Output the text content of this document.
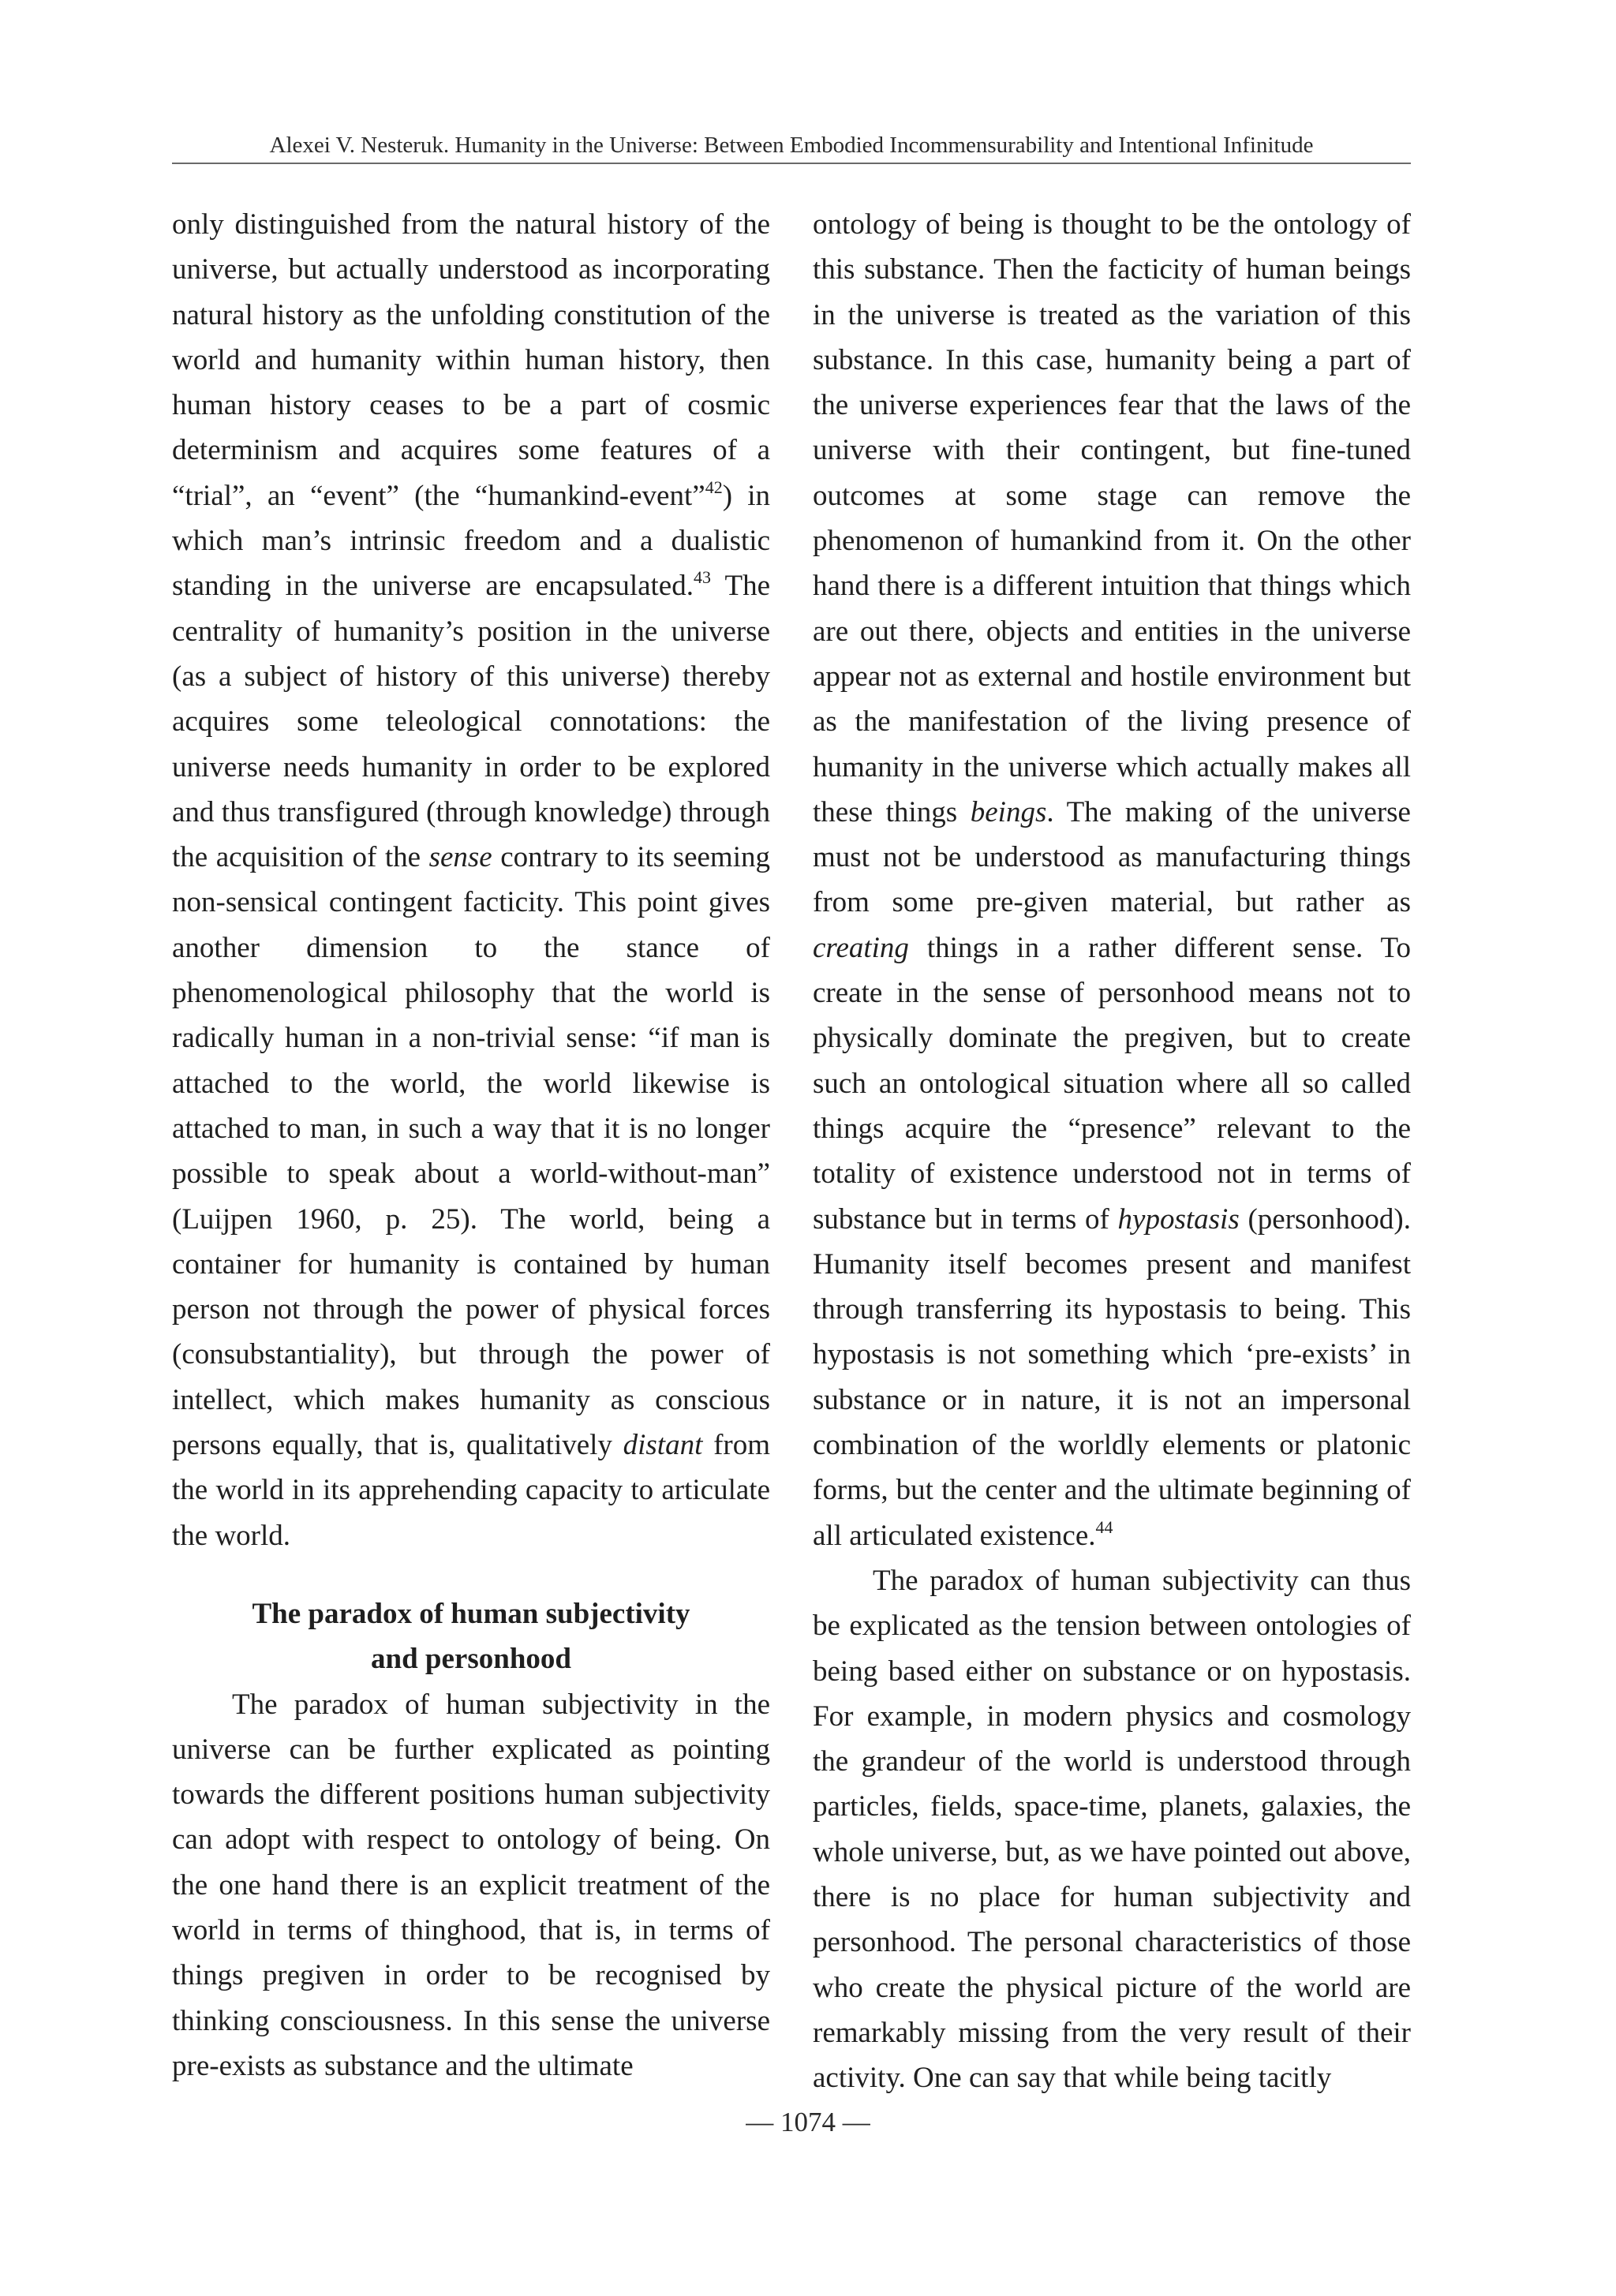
Alexei V. Nesteruk. Humanity in the Universe: Between Embodied Incommensurability and Intentional Infinitude

only distinguished from the natural history of the universe, but actually understood as incorporating natural history as the unfolding constitution of the world and humanity within human history, then human history ceases to be a part of cosmic determinism and acquires some features of a “trial”, an “event” (the “humankind-event”$^{42}$) in which man’s intrinsic freedom and a dualistic standing in the universe are encapsulated.$^{43}$ The centrality of humanity’s position in the universe (as a subject of history of this universe) thereby acquires some teleological connotations: the universe needs humanity in order to be explored and thus transfigured (through knowledge) through the acquisition of the sense contrary to its seeming non-sensical contingent facticity. This point gives another dimension to the stance of phenomenological philosophy that the world is radically human in a non-trivial sense: “if man is attached to the world, the world likewise is attached to man, in such a way that it is no longer possible to speak about a world-without-man” (Luijpen 1960, p. 25). The world, being a container for humanity is contained by human person not through the power of physical forces (consubstantiality), but through the power of intellect, which makes humanity as conscious persons equally, that is, qualitatively distant from the world in its apprehending capacity to articulate the world.

The paradox of human subjectivity
and personhood

The paradox of human subjectivity in the universe can be further explicated as pointing towards the different positions human subjectivity can adopt with respect to ontology of being. On the one hand there is an explicit treatment of the world in terms of thinghood, that is, in terms of things pregiven in order to be recognised by thinking consciousness. In this sense the universe pre-exists as substance and the ultimate

ontology of being is thought to be the ontology of this substance. Then the facticity of human beings in the universe is treated as the variation of this substance. In this case, humanity being a part of the universe experiences fear that the laws of the universe with their contingent, but fine-tuned outcomes at some stage can remove the phenomenon of humankind from it. On the other hand there is a different intuition that things which are out there, objects and entities in the universe appear not as external and hostile environment but as the manifestation of the living presence of humanity in the universe which actually makes all these things beings. The making of the universe must not be understood as manufacturing things from some pre-given material, but rather as creating things in a rather different sense. To create in the sense of personhood means not to physically dominate the pregiven, but to create such an ontological situation where all so called things acquire the “presence” relevant to the totality of existence understood not in terms of substance but in terms of hypostasis (personhood). Humanity itself becomes present and manifest through transferring its hypostasis to being. This hypostasis is not something which ‘pre-exists’ in substance or in nature, it is not an impersonal combination of the worldly elements or platonic forms, but the center and the ultimate beginning of all articulated existence.$^{44}$

The paradox of human subjectivity can thus be explicated as the tension between ontologies of being based either on substance or on hypostasis. For example, in modern physics and cosmology the grandeur of the world is understood through particles, fields, space-time, planets, galaxies, the whole universe, but, as we have pointed out above, there is no place for human subjectivity and personhood. The personal characteristics of those who create the physical picture of the world are remarkably missing from the very result of their activity. One can say that while being tacitly

— 1074 —
